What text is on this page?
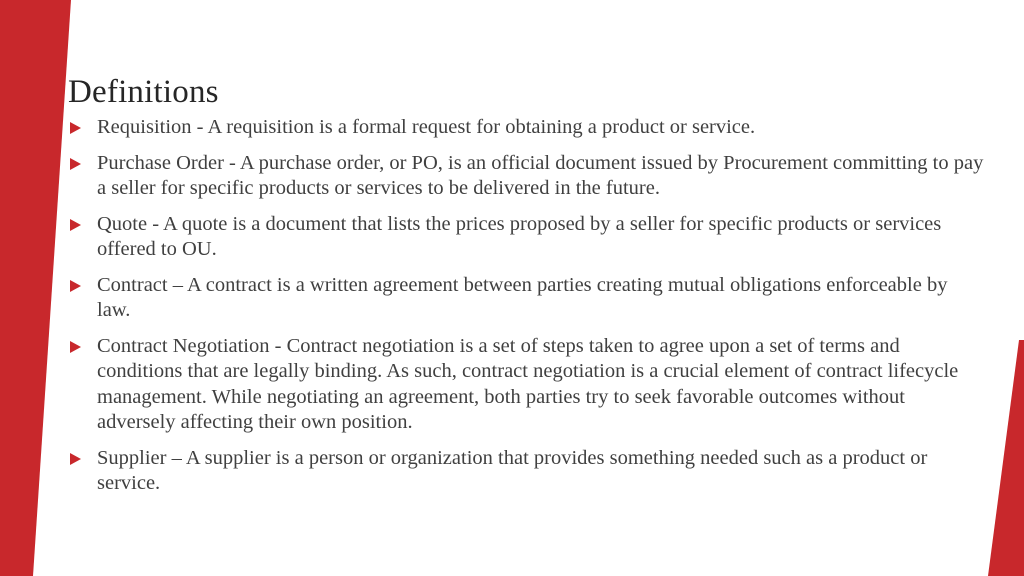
Definitions
Requisition - A requisition is a formal request for obtaining a product or service.
Purchase Order - A purchase order, or PO, is an official document issued by Procurement committing to pay a seller for specific products or services to be delivered in the future.
Quote - A quote is a document that lists the prices proposed by a seller for specific products or services offered to OU.
Contract – A contract is a written agreement between parties creating mutual obligations enforceable by law.
Contract Negotiation - Contract negotiation is a set of steps taken to agree upon a set of terms and conditions that are legally binding. As such, contract negotiation is a crucial element of contract lifecycle management. While negotiating an agreement, both parties try to seek favorable outcomes without adversely affecting their own position.
Supplier – A supplier is a person or organization that provides something needed such as a product or service.
